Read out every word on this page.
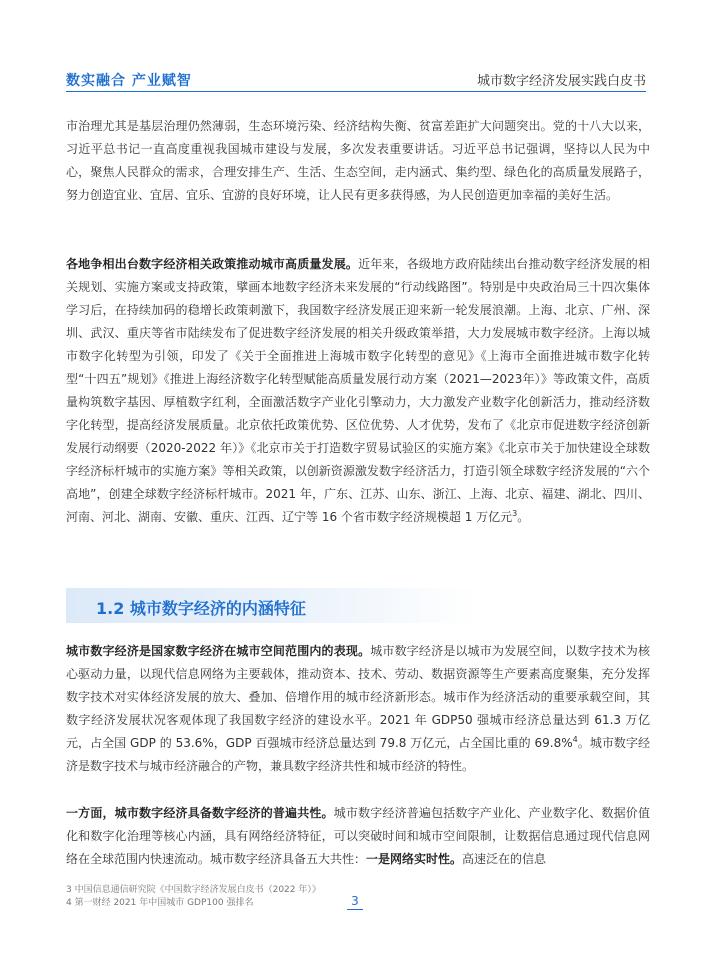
数实融合 产业赋智	城市数字经济发展实践白皮书
市治理尤其是基层治理仍然薄弱，生态环境污染、经济结构失衡、贫富差距扩大问题突出。党的十八大以来，习近平总书记一直高度重视我国城市建设与发展，多次发表重要讲话。习近平总书记强调，坚持以人民为中心，聚焦人民群众的需求，合理安排生产、生活、生态空间，走内涵式、集约型、绿色化的高质量发展路子，努力创造宜业、宜居、宜乐、宜游的良好环境，让人民有更多获得感，为人民创造更加幸福的美好生活。
各地争相出台数字经济相关政策推动城市高质量发展。近年来，各级地方政府陆续出台推动数字经济发展的相关规划、实施方案或支持政策，擘画本地数字经济未来发展的“行动线路图”。特别是中央政治局三十四次集体学习后，在持续加码的稳增长政策刺激下，我国数字经济发展正迎来新一轮发展浪潮。上海、北京、广州、深圳、武汉、重庆等省市陆续发布了促进数字经济发展的相关升级政策举措，大力发展城市数字经济。上海以城市数字化转型为引领，印发了《关于全面推进上海城市数字化转型的意见》《上海市全面推进城市数字化转型“十四五”规划》《推进上海经济数字化转型赋能高质量发展行动方案（2021—2023年）》等政策文件，高质量构筑数字基因、厚植数字红利，全面激活数字产业化引擎动力，大力激发产业数字化创新活力，推动经济数字化转型，提高经济发展质量。北京依托政策优势、区位优势、人才优势，发布了《北京市促进数字经济创新发展行动纲要（2020-2022 年）》《北京市关于打造数字贸易试验区的实施方案》《北京市关于加快建设全球数字经济标杆城市的实施方案》等相关政策，以创新资源激发数字经济活力，打造引领全球数字经济发展的“六个高地”，创建全球数字经济标杆城市。2021 年，广东、江苏、山东、浙江、上海、北京、福建、湖北、四川、河南、河北、湖南、安徽、重庆、江西、辽宁等 16 个省市数字经济规模超 1 万亿元$^3$。
1.2 城市数字经济的内涵特征
城市数字经济是国家数字经济在城市空间范围内的表现。城市数字经济是以城市为发展空间，以数字技术为核心驱动力量，以现代信息网络为主要载体，推动资本、技术、劳动、数据资源等生产要素高度聚集，充分发挥数字技术对实体经济发展的放大、叠加、倍增作用的城市经济新形态。城市作为经济活动的重要承载空间，其数字经济发展状况客观体现了我国数字经济的建设水平。2021 年 GDP50 强城市经济总量达到 61.3 万亿元，占全国 GDP 的 53.6%，GDP 百强城市经济总量达到 79.8 万亿元，占全国比重的 69.8%$^4$。城市数字经济是数字技术与城市经济融合的产物，兼具数字经济共性和城市经济的特性。
一方面，城市数字经济具备数字经济的普遍共性。城市数字经济普遍包括数字产业化、产业数字化、数据价值化和数字化治理等核心内涵，具有网络经济特征，可以突破时间和城市空间限制，让数据信息通过现代信息网络在全球范围内快速流动。城市数字经济具备五大共性：一是网络实时性。高速泛在的信息
3 中国信息通信研究院《中国数字经济发展白皮书（2022 年）》
4 第一财经 2021 年中国城市 GDP100 强排名	3
